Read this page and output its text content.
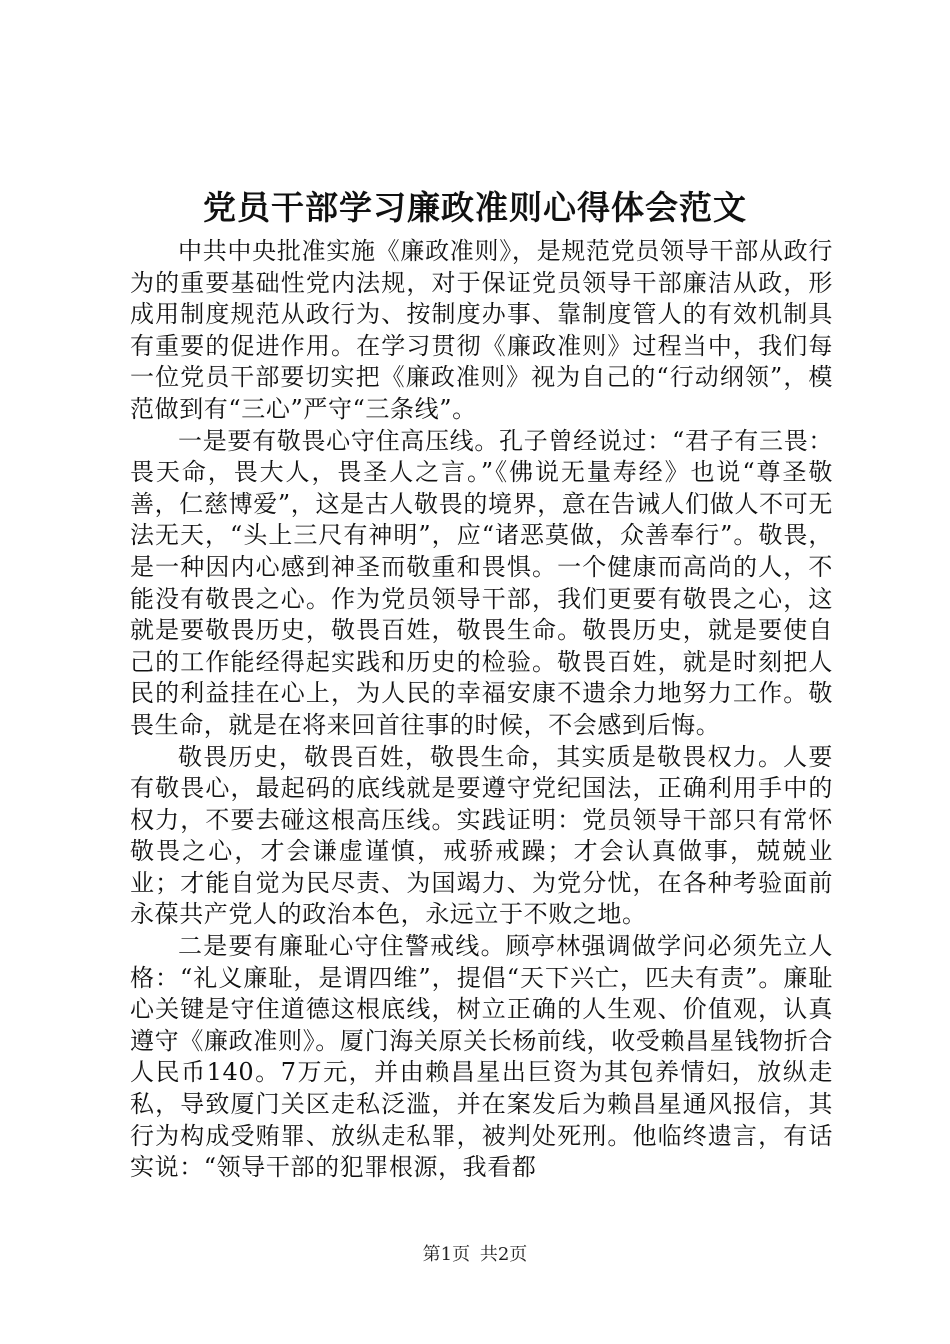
党员干部学习廉政准则心得体会范文

中共中央批准实施《廉政准则》，是规范党员领导干部从政行为的重要基础性党内法规，对于保证党员领导干部廉洁从政，形成用制度规范从政行为、按制度办事、靠制度管人的有效机制具有重要的促进作用。在学习贯彻《廉政准则》过程当中，我们每一位党员干部要切实把《廉政准则》视为自己的“行动纲领”，模范做到有“三心”严守“三条线”。

一是要有敬畏心守住高压线。孔子曾经说过：“君子有三畏：畏天命，畏大人，畏圣人之言。”《佛说无量寿经》也说“尊圣敬善，仁慈博爱”，这是古人敬畏的境界，意在告诫人们做人不可无法无天，“头上三尺有神明”，应“诸恶莫做，众善奉行”。敬畏，是一种因内心感到神圣而敬重和畏惧。一个健康而高尚的人，不能没有敬畏之心。作为党员领导干部，我们更要有敬畏之心，这就是要敬畏历史，敬畏百姓，敬畏生命。敬畏历史，就是要使自己的工作能经得起实践和历史的检验。敬畏百姓，就是时刻把人民的利益挂在心上，为人民的幸福安康不遗余力地努力工作。敬畏生命，就是在将来回首往事的时候，不会感到后悔。

敬畏历史，敬畏百姓，敬畏生命，其实质是敬畏权力。人要有敬畏心，最起码的底线就是要遵守党纪国法，正确利用手中的权力，不要去碰这根高压线。实践证明：党员领导干部只有常怀敬畏之心，才会谦虚谨慎，戒骄戒躁；才会认真做事，兢兢业业；才能自觉为民尽责、为国竭力、为党分忧，在各种考验面前永葆共产党人的政治本色，永远立于不败之地。

二是要有廉耻心守住警戒线。顾亭林强调做学问必须先立人格：“礼义廉耻，是谓四维”，提倡“天下兴亡，匹夫有责”。廉耻心关键是守住道德这根底线，树立正确的人生观、价值观，认真遵守《廉政准则》。厦门海关原关长杨前线，收受赖昌星钱物折合人民币140。7万元，并由赖昌星出巨资为其包养情妇，放纵走私，导致厦门关区走私泛滥，并在案发后为赖昌星通风报信，其行为构成受贿罪、放纵走私罪，被判处死刑。他临终遗言，有话实说：“领导干部的犯罪根源，我看都

第1页 共2页
